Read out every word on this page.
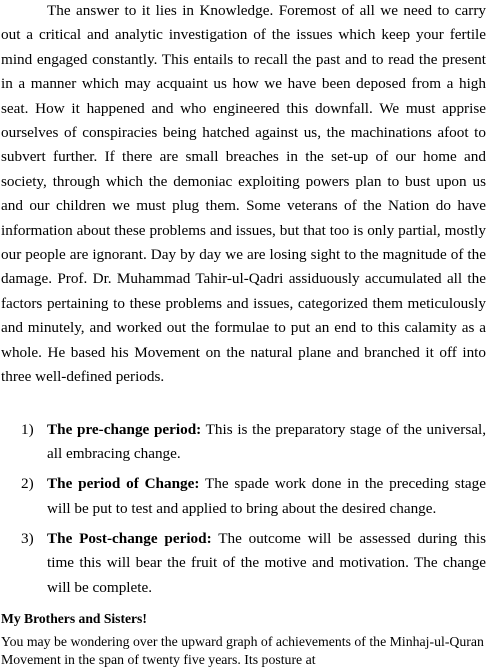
The answer to it lies in Knowledge. Foremost of all we need to carry out a critical and analytic investigation of the issues which keep your fertile mind engaged constantly. This entails to recall the past and to read the present in a manner which may acquaint us how we have been deposed from a high seat. How it happened and who engineered this downfall. We must apprise ourselves of conspiracies being hatched against us, the machinations afoot to subvert further. If there are small breaches in the set-up of our home and society, through which the demoniac exploiting powers plan to bust upon us and our children we must plug them. Some veterans of the Nation do have information about these problems and issues, but that too is only partial, mostly our people are ignorant. Day by day we are losing sight to the magnitude of the damage. Prof. Dr. Muhammad Tahir-ul-Qadri assiduously accumulated all the factors pertaining to these problems and issues, categorized them meticulously and minutely, and worked out the formulae to put an end to this calamity as a whole. He based his Movement on the natural plane and branched it off into three well-defined periods.

1) The pre-change period: This is the preparatory stage of the universal, all embracing change.
2) The period of Change: The spade work done in the preceding stage will be put to test and applied to bring about the desired change.
3) The Post-change period: The outcome will be assessed during this time this will bear the fruit of the motive and motivation. The change will be complete.

My Brothers and Sisters!

You may be wondering over the upward graph of achievements of the Minhaj-ul-Quran Movement in the span of twenty five years. Its posture at
